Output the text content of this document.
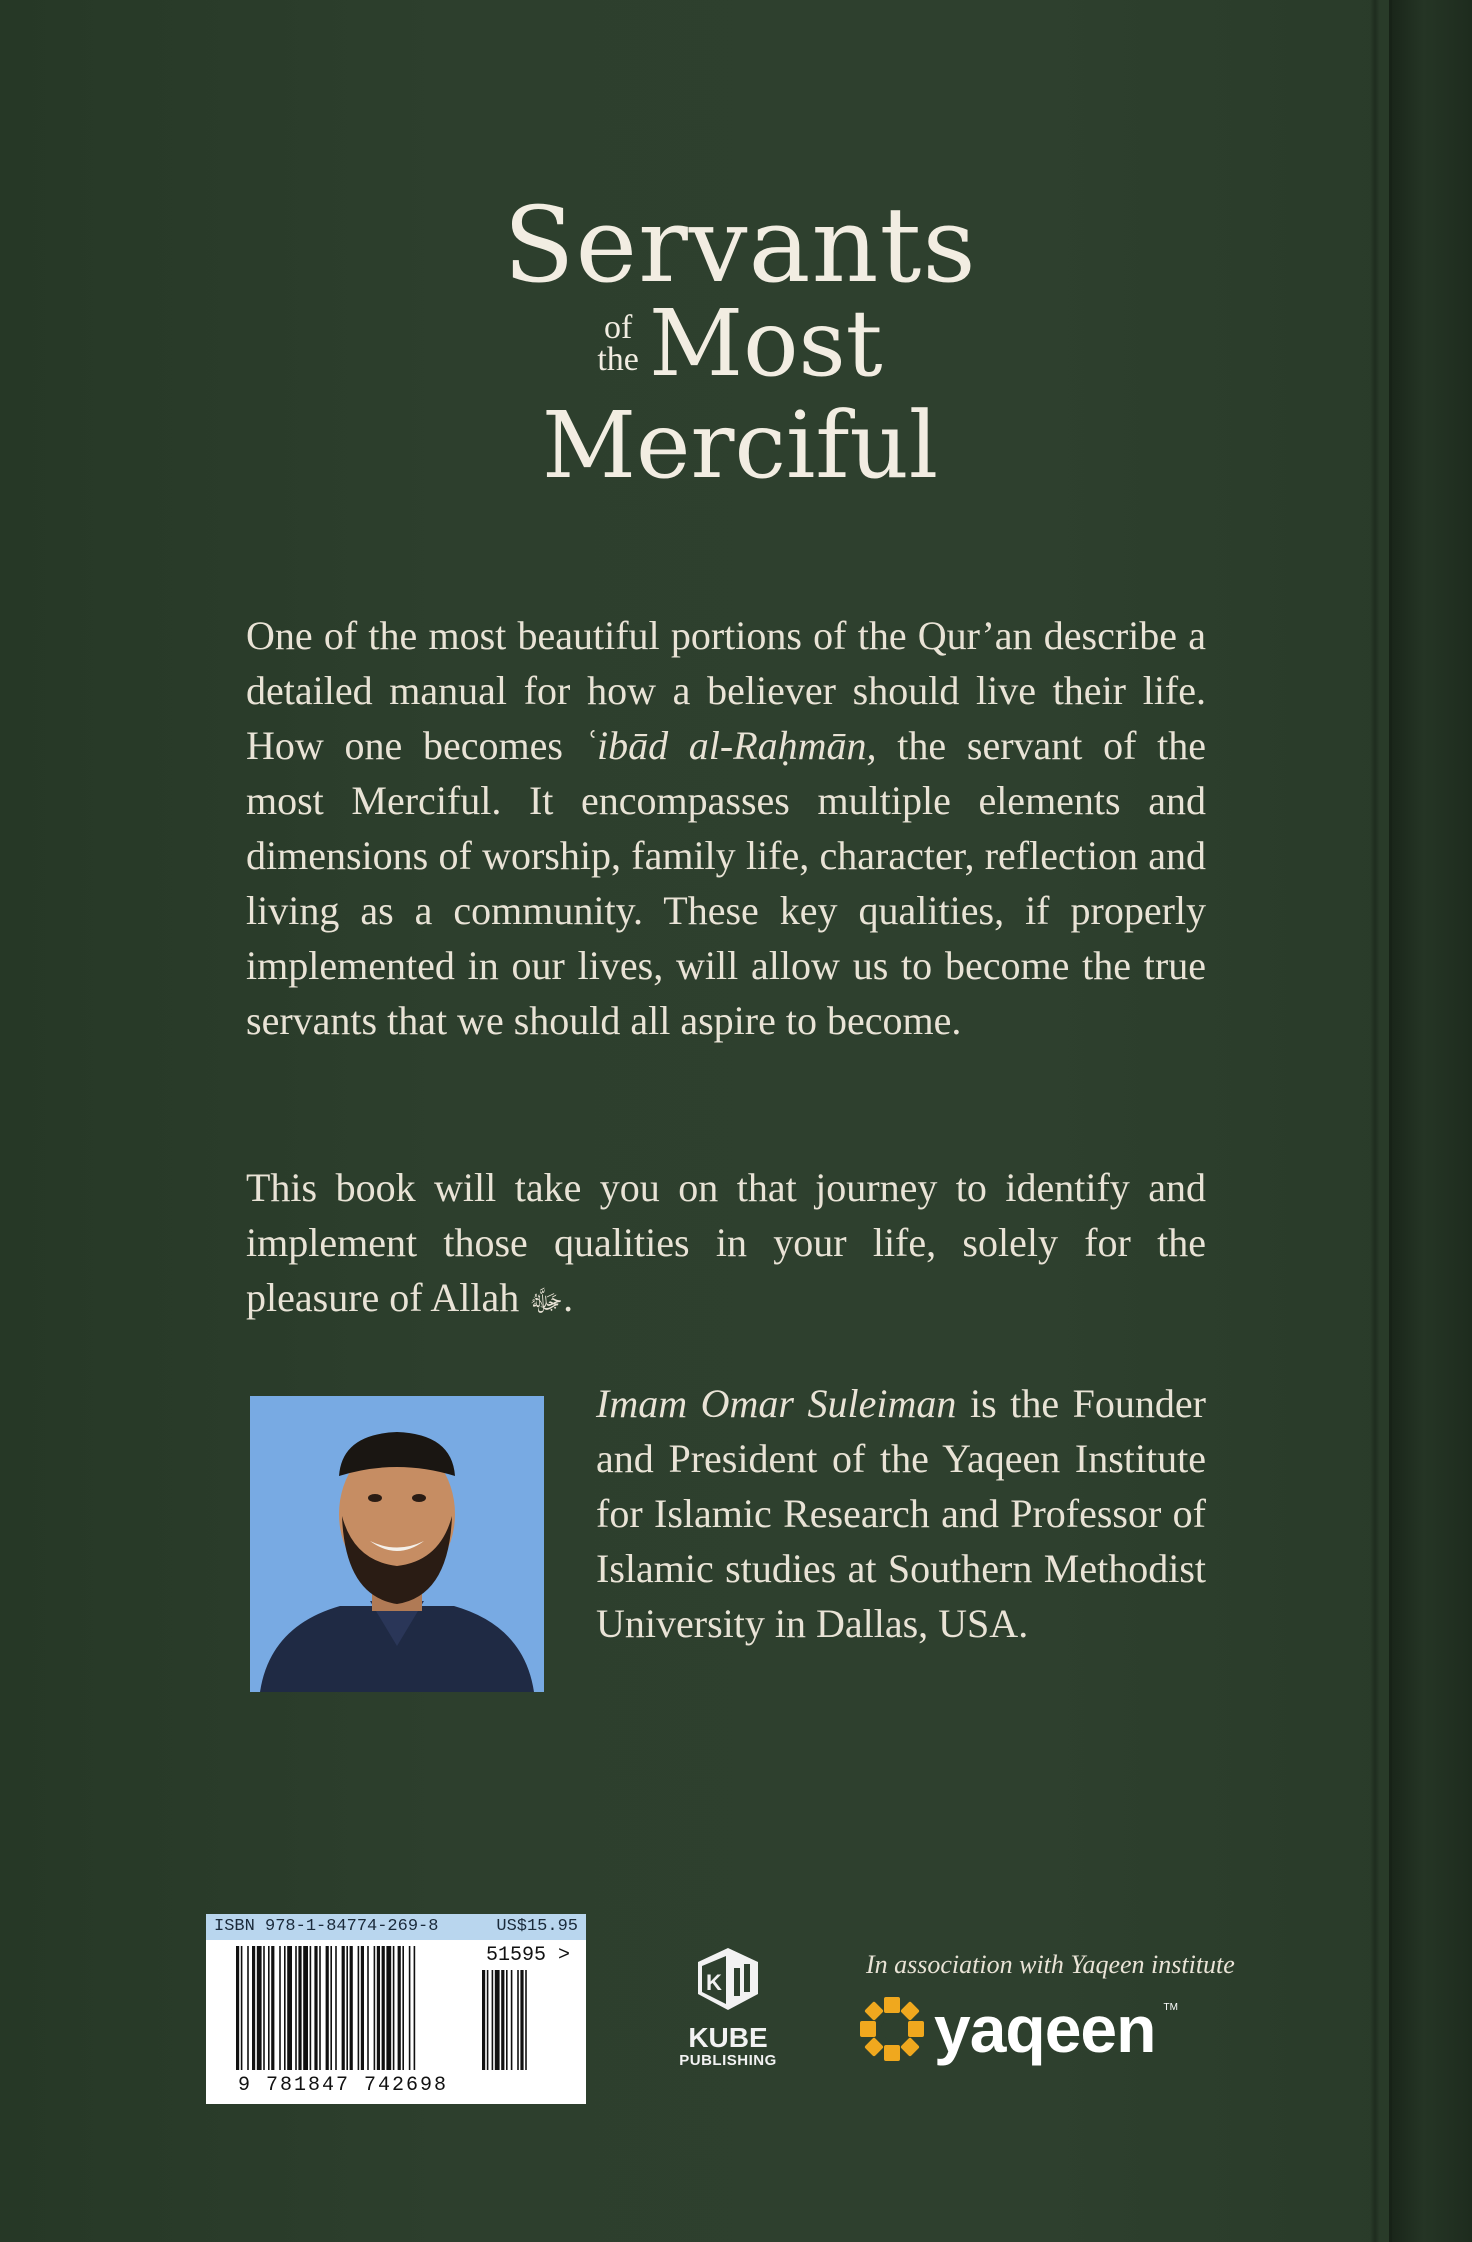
Servants
of
the Most
Merciful

One of the most beautiful portions of the Qur’an describe a detailed manual for how a believer should live their life. How one becomes ʿibād al-Raḥmān, the servant of the most Merciful. It encompasses multiple elements and dimensions of worship, family life, character, reflection and living as a community. These key qualities, if properly implemented in our lives, will allow us to become the true servants that we should all aspire to become.

This book will take you on that journey to identify and implement those qualities in your life, solely for the pleasure of Allah ﷻ.

Imam Omar Suleiman is the Founder and President of the Yaqeen Institute for Islamic Research and Professor of Islamic studies at Southern Methodist University in Dallas, USA.
ISBN 978-1-84774-269-8	US$15.95
9 781847 742698
51595 >
K
KUBE
PUBLISHING
In association with Yaqeen institute
yaqeen TM
